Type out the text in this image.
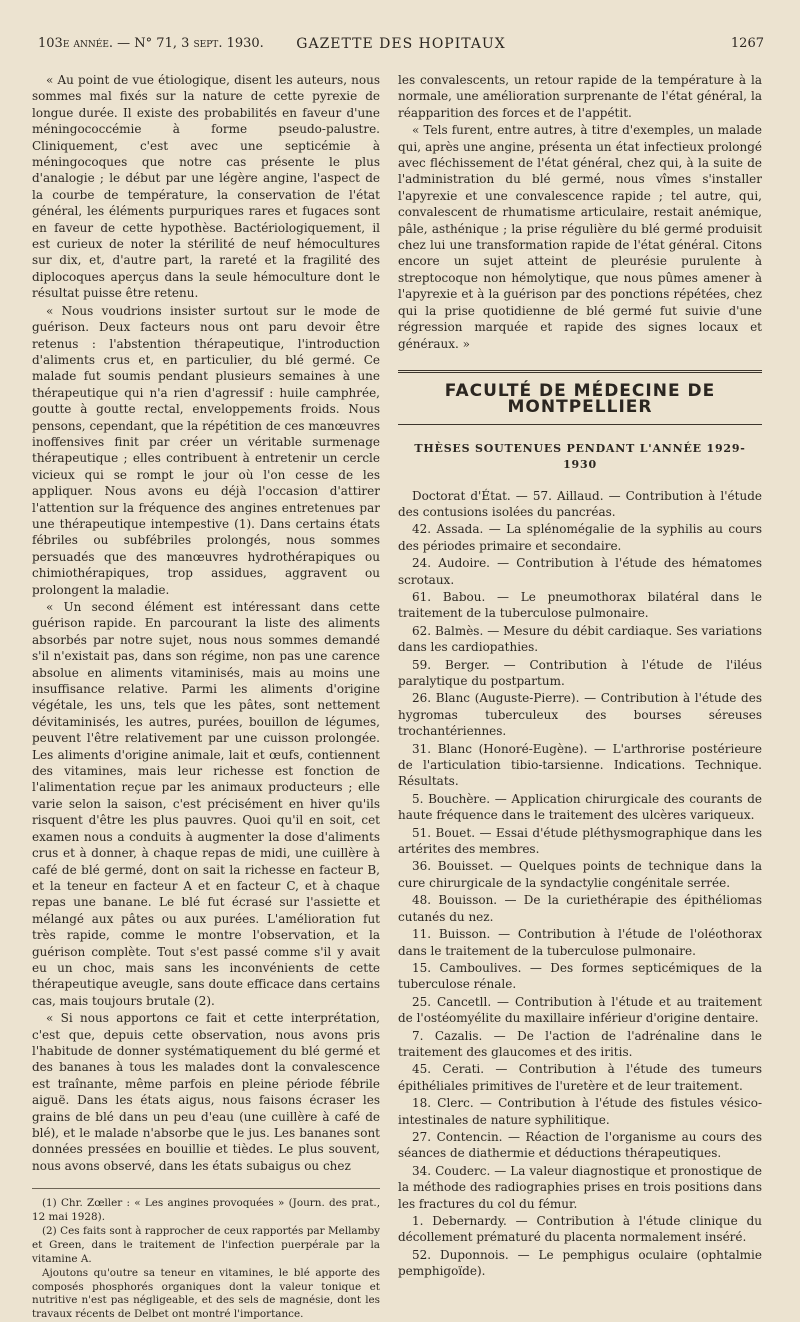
103e année. — N° 71, 3 sept. 1930.	GAZETTE DES HOPITAUX	1267

« Au point de vue étiologique, disent les auteurs, nous sommes mal fixés sur la nature de cette pyrexie de longue durée. Il existe des probabilités en faveur d'une méningococcémie à forme pseudo-palustre. Cliniquement, c'est avec une septicémie à méningocoques que notre cas présente le plus d'analogie ; le début par une légère angine, l'aspect de la courbe de température, la conservation de l'état général, les éléments purpuriques rares et fugaces sont en faveur de cette hypothèse. Bactériologiquement, il est curieux de noter la stérilité de neuf hémocultures sur dix, et, d'autre part, la rareté et la fragilité des diplocoques aperçus dans la seule hémoculture dont le résultat puisse être retenu.

« Nous voudrions insister surtout sur le mode de guérison. Deux facteurs nous ont paru devoir être retenus : l'abstention thérapeutique, l'introduction d'aliments crus et, en particulier, du blé germé. Ce malade fut soumis pendant plusieurs semaines à une thérapeutique qui n'a rien d'agressif : huile camphrée, goutte à goutte rectal, enveloppements froids. Nous pensons, cependant, que la répétition de ces manœuvres inoffensives finit par créer un véritable surmenage thérapeutique ; elles contribuent à entretenir un cercle vicieux qui se rompt le jour où l'on cesse de les appliquer. Nous avons eu déjà l'occasion d'attirer l'attention sur la fréquence des angines entretenues par une thérapeutique intempestive (1). Dans certains états fébriles ou subfébriles prolongés, nous sommes persuadés que des manœuvres hydrothérapiques ou chimiothérapiques, trop assidues, aggravent ou prolongent la maladie.

« Un second élément est intéressant dans cette guérison rapide. En parcourant la liste des aliments absorbés par notre sujet, nous nous sommes demandé s'il n'existait pas, dans son régime, non pas une carence absolue en aliments vitaminisés, mais au moins une insuffisance relative. Parmi les aliments d'origine végétale, les uns, tels que les pâtes, sont nettement dévitaminisés, les autres, purées, bouillon de légumes, peuvent l'être relativement par une cuisson prolongée. Les aliments d'origine animale, lait et œufs, contiennent des vitamines, mais leur richesse est fonction de l'alimentation reçue par les animaux producteurs ; elle varie selon la saison, c'est précisément en hiver qu'ils risquent d'être les plus pauvres. Quoi qu'il en soit, cet examen nous a conduits à augmenter la dose d'aliments crus et à donner, à chaque repas de midi, une cuillère à café de blé germé, dont on sait la richesse en facteur B, et la teneur en facteur A et en facteur C, et à chaque repas une banane. Le blé fut écrasé sur l'assiette et mélangé aux pâtes ou aux purées. L'amélioration fut très rapide, comme le montre l'observation, et la guérison complète. Tout s'est passé comme s'il y avait eu un choc, mais sans les inconvénients de cette thérapeutique aveugle, sans doute efficace dans certains cas, mais toujours brutale (2).

« Si nous apportons ce fait et cette interprétation, c'est que, depuis cette observation, nous avons pris l'habitude de donner systématiquement du blé germé et des bananes à tous les malades dont la convalescence est traînante, même parfois en pleine période fébrile aiguë. Dans les états aigus, nous faisons écraser les grains de blé dans un peu d'eau (une cuillère à café de blé), et le malade n'absorbe que le jus. Les bananes sont données pressées en bouillie et tièdes. Le plus souvent, nous avons observé, dans les états subaigus ou chez

(1) Chr. Zœller : « Les angines provoquées » (Journ. des prat., 12 mai 1928).

(2) Ces faits sont à rapprocher de ceux rapportés par Mellamby et Green, dans le traitement de l'infection puerpérale par la vitamine A.

Ajoutons qu'outre sa teneur en vitamines, le blé apporte des composés phosphorés organiques dont la valeur tonique et nutritive n'est pas négligeable, et des sels de magnésie, dont les travaux récents de Delbet ont montré l'importance.

les convalescents, un retour rapide de la température à la normale, une amélioration surprenante de l'état général, la réapparition des forces et de l'appétit.

« Tels furent, entre autres, à titre d'exemples, un malade qui, après une angine, présenta un état infectieux prolongé avec fléchissement de l'état général, chez qui, à la suite de l'administration du blé germé, nous vîmes s'installer l'apyrexie et une convalescence rapide ; tel autre, qui, convalescent de rhumatisme articulaire, restait anémique, pâle, asthénique ; la prise régulière du blé germé produisit chez lui une transformation rapide de l'état général. Citons encore un sujet atteint de pleurésie purulente à streptocoque non hémolytique, que nous pûmes amener à l'apyrexie et à la guérison par des ponctions répétées, chez qui la prise quotidienne de blé germé fut suivie d'une régression marquée et rapide des signes locaux et généraux. »

FACULTÉ DE MÉDECINE DE MONTPELLIER
THÈSES SOUTENUES PENDANT L'ANNÉE 1929-1930

Doctorat d'État. — 57. Aillaud. — Contribution à l'étude des contusions isolées du pancréas.

42. Assada. — La splénomégalie de la syphilis au cours des périodes primaire et secondaire.

24. Audoire. — Contribution à l'étude des hématomes scrotaux.

61. Babou. — Le pneumothorax bilatéral dans le traitement de la tuberculose pulmonaire.

62. Balmès. — Mesure du débit cardiaque. Ses variations dans les cardiopathies.

59. Berger. — Contribution à l'étude de l'iléus paralytique du postpartum.

26. Blanc (Auguste-Pierre). — Contribution à l'étude des hygromas tuberculeux des bourses séreuses trochantériennes.

31. Blanc (Honoré-Eugène). — L'arthrorise postérieure de l'articulation tibio-tarsienne. Indications. Technique. Résultats.

5. Bouchère. — Application chirurgicale des courants de haute fréquence dans le traitement des ulcères variqueux.

51. Bouet. — Essai d'étude pléthysmographique dans les artérites des membres.

36. Bouisset. — Quelques points de technique dans la cure chirurgicale de la syndactylie congénitale serrée.

48. Bouisson. — De la curiethérapie des épithéliomas cutanés du nez.

11. Buisson. — Contribution à l'étude de l'oléothorax dans le traitement de la tuberculose pulmonaire.

15. Camboulives. — Des formes septicémiques de la tuberculose rénale.

25. Cancetll. — Contribution à l'étude et au traitement de l'ostéomyélite du maxillaire inférieur d'origine dentaire.

7. Cazalis. — De l'action de l'adrénaline dans le traitement des glaucomes et des iritis.

45. Cerati. — Contribution à l'étude des tumeurs épithéliales primitives de l'uretère et de leur traitement.

18. Clerc. — Contribution à l'étude des fistules vésico-intestinales de nature syphilitique.

27. Contencin. — Réaction de l'organisme au cours des séances de diathermie et déductions thérapeutiques.

34. Couderc. — La valeur diagnostique et pronostique de la méthode des radiographies prises en trois positions dans les fractures du col du fémur.

1. Debernardy. — Contribution à l'étude clinique du décollement prématuré du placenta normalement inséré.

52. Duponnois. — Le pemphigus oculaire (ophtalmie pemphigoïde).
